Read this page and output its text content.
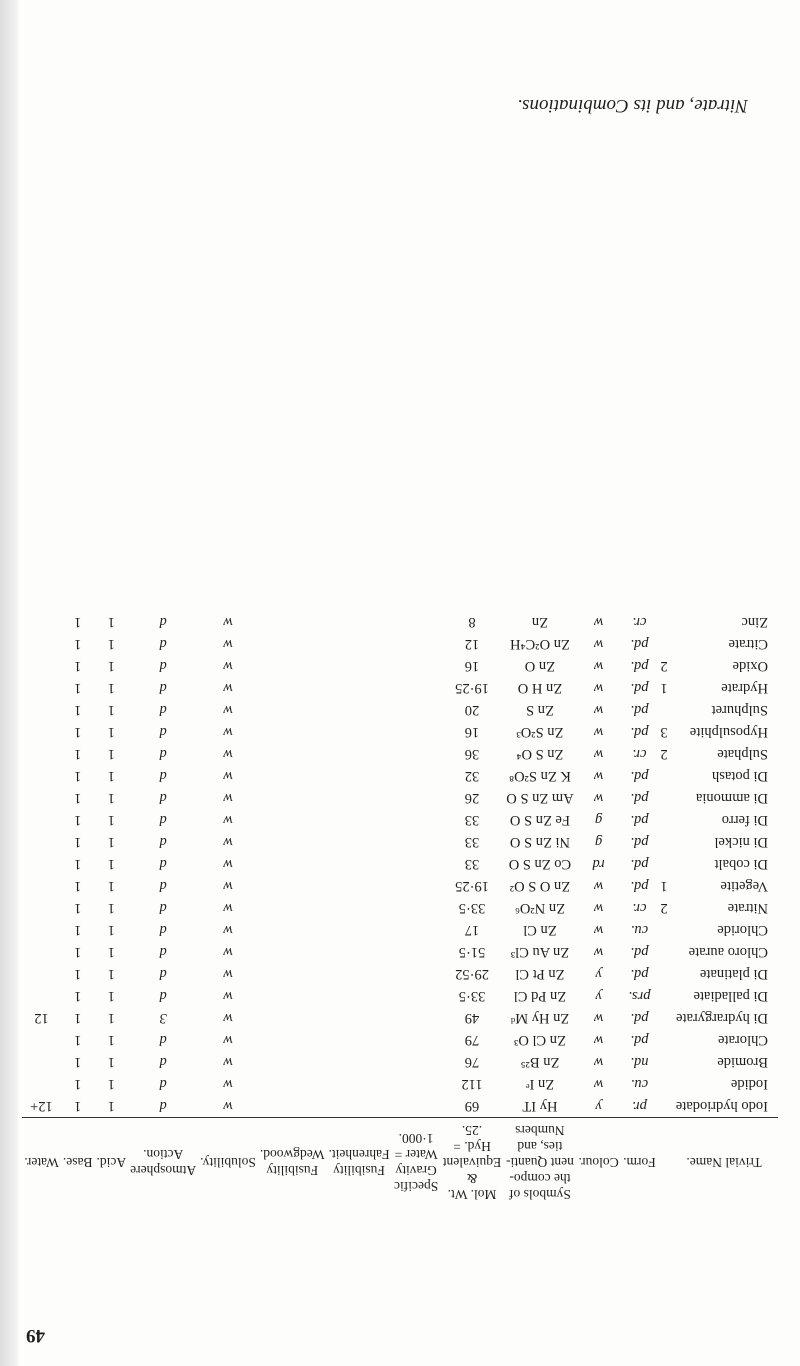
49
Trivial Name.		Form.	Colour.	Symbols of the compo-nent Quanti-ties, and Numbers	Mol. Wt. & Equivalent Hyd. = .25.	Specific Gravity Water = 1·000.	Fusibility Fahrenheit.	Fusibility Wedgwood.	Solubility.	Atmosphere Action.	Acid.	Base.	Water.
Iodo hydriodate		pr.	y	Hy IT	69				w	d	1	1	12+
Iodide		cu.	w	Zn Iᵉ	112				w	d	1	1	
Bromide		nd.	w	Zn B²⁵	76				w	d	1	1	
Chlorate		pd.	w	Zn Cl O³	79				w	d	1	1	
Di hydrargyrate		pd.	w	Zn Hy Mᵈ	49				w	3	1	1	12
Di palladiate		prs.	y	Zn Pd Cl	33·5				w	d	1	1	
Di platinate		pd.	y	Zn Pt Cl	29·52				w	d	1	1	
Chloro aurate		pd.	w	Zn Au Cl³	51·5				w	d	1	1	
Chloride		cu.	w	Zn Cl	17				w	d	1	1	
Nitrate	2	cr.	w	Zn N²O⁶	33·5				w	d	1	1	
Vegetite	1	pd.	w	Zn O S O²	19·25				w	d	1	1	
Di cobalt		pd.	rd	Co Zn S O	33				w	d	1	1	
Di nickel		pd.	g	Ni Zn S O	33				w	d	1	1	
Di ferro		pd.	g	Fe Zn S O	33				w	d	1	1	
Di ammonia		pd.	w	Am Zn S O	26				w	d	1	1	
Di potash		pd.	w	K Zn S²O⁸	32				w	d	1	1	
Sulphate	2	cr.	w	Zn S O⁴	36				w	d	1	1	
Hyposulphite	3	pd.	w	Zn S²O³	16				w	d	1	1	
Sulphuret		pd.	w	Zn S	20				w	d	1	1	
Hydrate	1	pd.	w	Zn H O	19·25				w	d	1	1	
Oxide	2	pd.	w	Zn O	16				w	d	1	1	
Citrate		pd.	w	Zn O²C⁴H	12				w	d	1	1	
Zinc		cr.	w	Zn	8				w	d	1	1	
Nitrate, and its Combinations.
